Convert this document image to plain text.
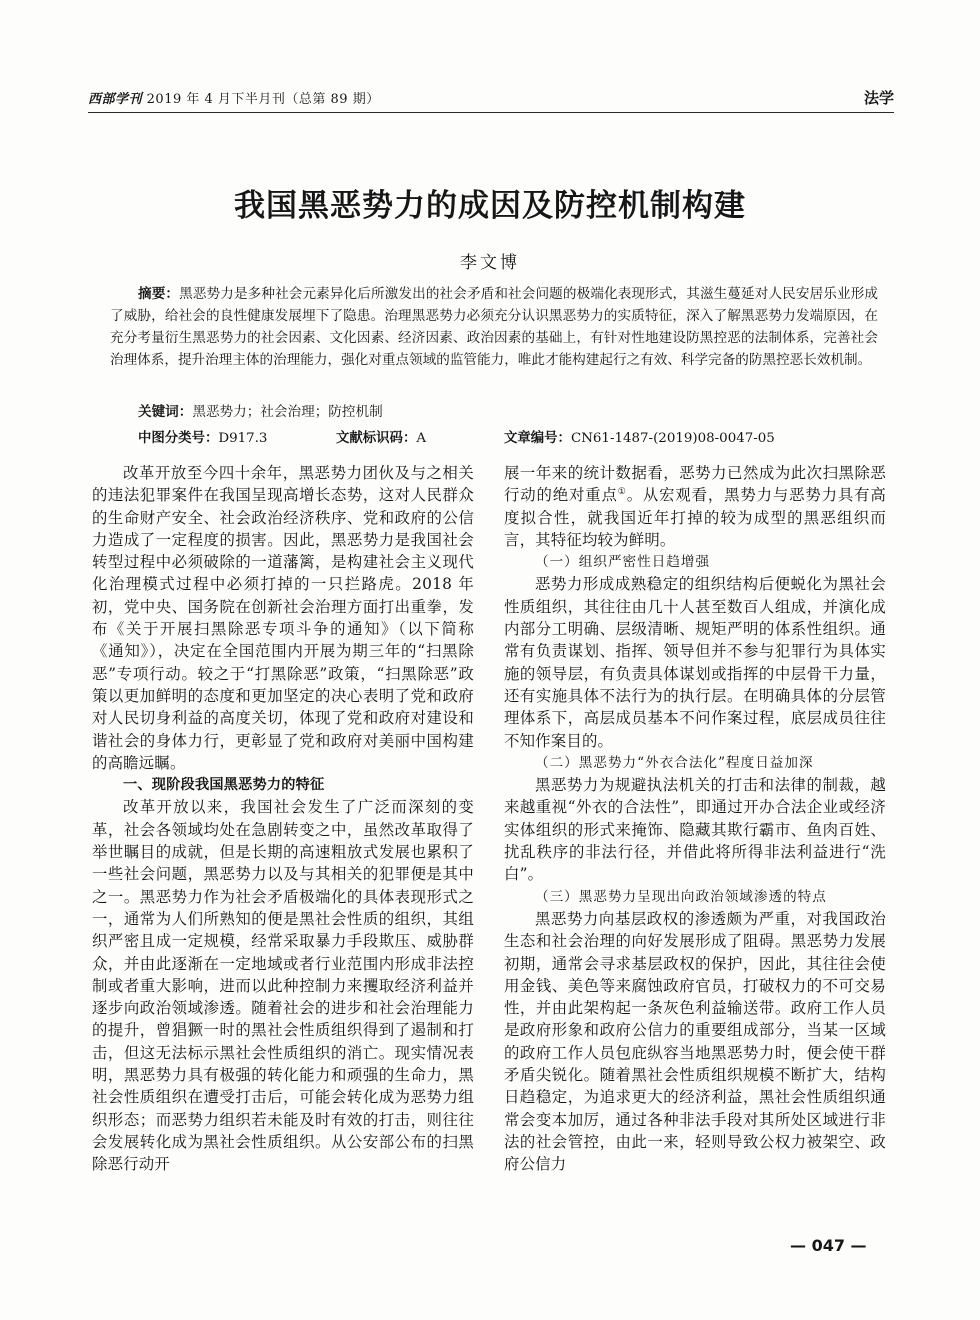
西部学刊 2019 年 4 月下半月刊（总第 89 期）	法学
我国黑恶势力的成因及防控机制构建
李文博
摘要：黑恶势力是多种社会元素异化后所激发出的社会矛盾和社会问题的极端化表现形式，其滋生蔓延对人民安居乐业形成了威胁，给社会的良性健康发展埋下了隐患。治理黑恶势力必须充分认识黑恶势力的实质特征，深入了解黑恶势力发端原因，在充分考量衍生黑恶势力的社会因素、文化因素、经济因素、政治因素的基础上，有针对性地建设防黑控恶的法制体系，完善社会治理体系，提升治理主体的治理能力，强化对重点领域的监管能力，唯此才能构建起行之有效、科学完备的防黑控恶长效机制。
关键词：黑恶势力；社会治理；防控机制
中图分类号：D917.3	文献标识码：A	文章编号：CN61-1487-(2019)08-0047-05

改革开放至今四十余年，黑恶势力团伙及与之相关的违法犯罪案件在我国呈现高增长态势，这对人民群众的生命财产安全、社会政治经济秩序、党和政府的公信力造成了一定程度的损害。因此，黑恶势力是我国社会转型过程中必须破除的一道藩篱，是构建社会主义现代化治理模式过程中必须打掉的一只拦路虎。2018 年初，党中央、国务院在创新社会治理方面打出重拳，发布《关于开展扫黑除恶专项斗争的通知》（以下简称《通知》），决定在全国范围内开展为期三年的“扫黑除恶”专项行动。较之于“打黑除恶”政策，“扫黑除恶”政策以更加鲜明的态度和更加坚定的决心表明了党和政府对人民切身利益的高度关切，体现了党和政府对建设和谐社会的身体力行，更彰显了党和政府对美丽中国构建的高瞻远瞩。

一、现阶段我国黑恶势力的特征

改革开放以来，我国社会发生了广泛而深刻的变革，社会各领域均处在急剧转变之中，虽然改革取得了举世瞩目的成就，但是长期的高速粗放式发展也累积了一些社会问题，黑恶势力以及与其相关的犯罪便是其中之一。黑恶势力作为社会矛盾极端化的具体表现形式之一，通常为人们所熟知的便是黑社会性质的组织，其组织严密且成一定规模，经常采取暴力手段欺压、威胁群众，并由此逐渐在一定地域或者行业范围内形成非法控制或者重大影响，进而以此种控制力来攫取经济利益并逐步向政治领域渗透。随着社会的进步和社会治理能力的提升，曾猖獗一时的黑社会性质组织得到了遏制和打击，但这无法标示黑社会性质组织的消亡。现实情况表明，黑恶势力具有极强的转化能力和顽强的生命力，黑社会性质组织在遭受打击后，可能会转化成为恶势力组织形态；而恶势力组织若未能及时有效的打击，则往往会发展转化成为黑社会性质组织。从公安部公布的扫黑除恶行动开

展一年来的统计数据看，恶势力已然成为此次扫黑除恶行动的绝对重点①。从宏观看，黑势力与恶势力具有高度拟合性，就我国近年打掉的较为成型的黑恶组织而言，其特征均较为鲜明。

（一）组织严密性日趋增强

恶势力形成成熟稳定的组织结构后便蜕化为黑社会性质组织，其往往由几十人甚至数百人组成，并演化成内部分工明确、层级清晰、规矩严明的体系性组织。通常有负责谋划、指挥、领导但并不参与犯罪行为具体实施的领导层，有负责具体谋划或指挥的中层骨干力量，还有实施具体不法行为的执行层。在明确具体的分层管理体系下，高层成员基本不问作案过程，底层成员往往不知作案目的。

（二）黑恶势力“外衣合法化”程度日益加深

黑恶势力为规避执法机关的打击和法律的制裁，越来越重视“外衣的合法性”，即通过开办合法企业或经济实体组织的形式来掩饰、隐藏其欺行霸市、鱼肉百姓、扰乱秩序的非法行径，并借此将所得非法利益进行“洗白”。

（三）黑恶势力呈现出向政治领域渗透的特点

黑恶势力向基层政权的渗透颇为严重，对我国政治生态和社会治理的向好发展形成了阻碍。黑恶势力发展初期，通常会寻求基层政权的保护，因此，其往往会使用金钱、美色等来腐蚀政府官员，打破权力的不可交易性，并由此架构起一条灰色利益输送带。政府工作人员是政府形象和政府公信力的重要组成部分，当某一区域的政府工作人员包庇纵容当地黑恶势力时，便会使干群矛盾尖锐化。随着黑社会性质组织规模不断扩大，结构日趋稳定，为追求更大的经济利益，黑社会性质组织通常会变本加厉，通过各种非法手段对其所处区域进行非法的社会管控，由此一来，轻则导致公权力被架空、政府公信力

— 047 —
